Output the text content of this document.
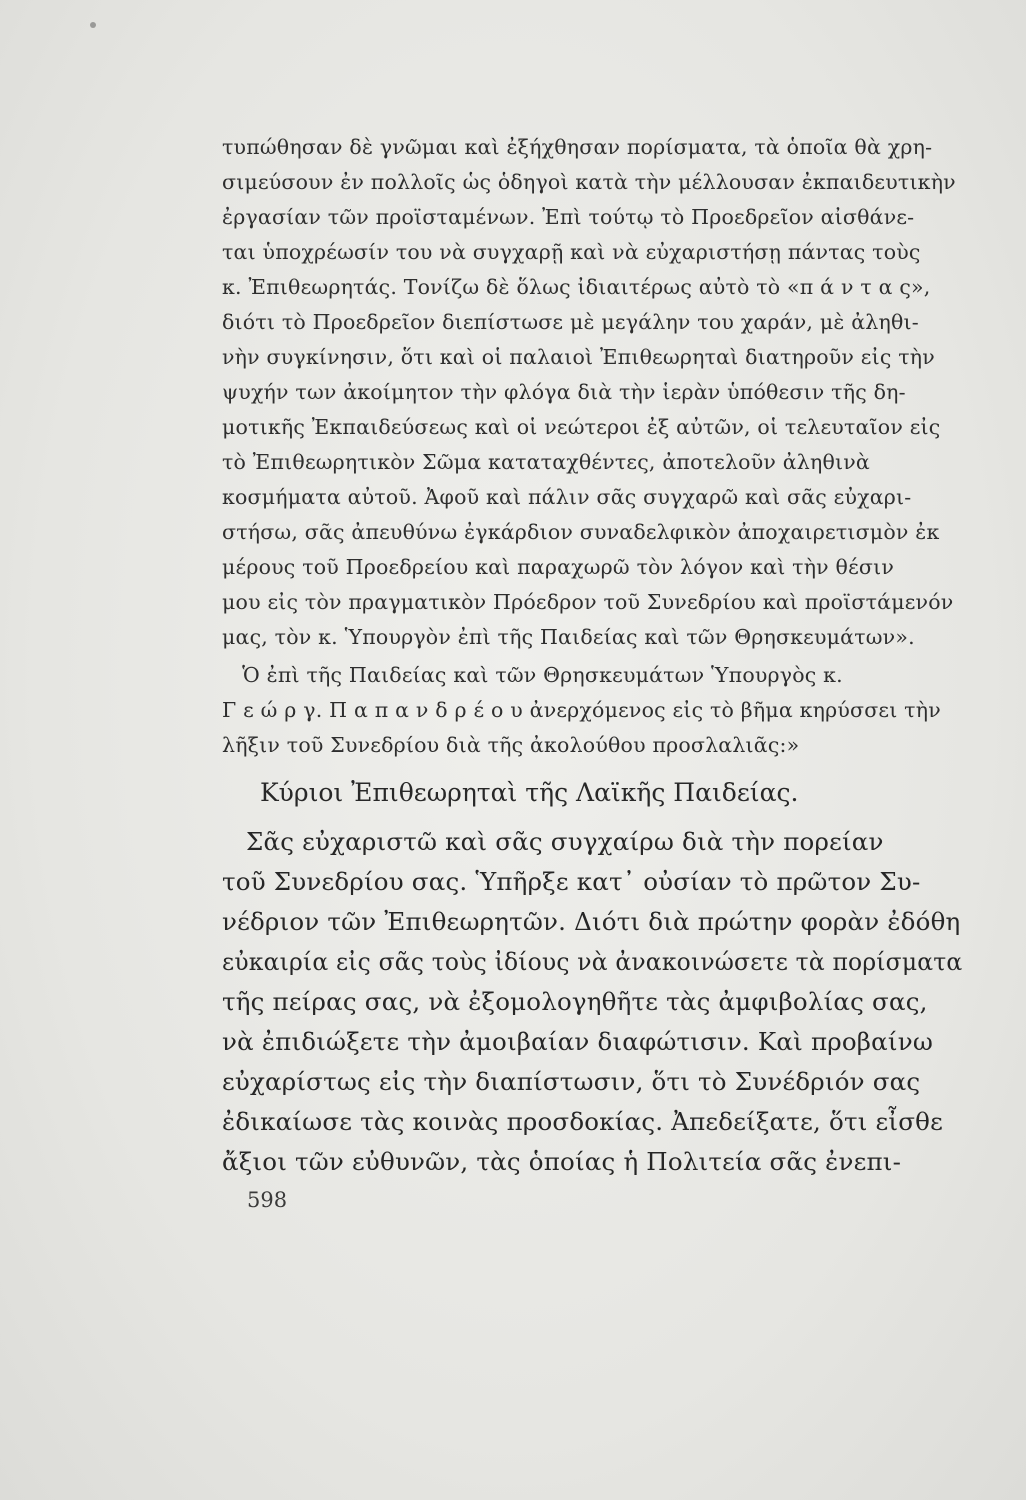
τυπώθησαν δὲ γνῶμαι καὶ ἐξήχθησαν πορίσματα, τὰ ὁποῖα θὰ χρη-
σιμεύσουν ἐν πολλοῖς ὡς ὁδηγοὶ κατὰ τὴν μέλλουσαν ἐκπαιδευτικὴν
ἐργασίαν τῶν προϊσταμένων. Ἐπὶ τούτῳ τὸ Προεδρεῖον αἰσθάνε-
ται ὑποχρέωσίν του νὰ συγχαρῇ καὶ νὰ εὐχαριστήσῃ πάντας τοὺς
κ. Ἐπιθεωρητάς. Τονίζω δὲ ὅλως ἰδιαιτέρως αὐτὸ τὸ «π ά ν τ α ς»,
διότι τὸ Προεδρεῖον διεπίστωσε μὲ μεγάλην του χαράν, μὲ ἀληθι-
νὴν συγκίνησιν, ὅτι καὶ οἱ παλαιοὶ Ἐπιθεωρηταὶ διατηροῦν εἰς τὴν
ψυχήν των ἀκοίμητον τὴν φλόγα διὰ τὴν ἱερὰν ὑπόθεσιν τῆς δη-
μοτικῆς Ἐκπαιδεύσεως καὶ οἱ νεώτεροι ἐξ αὐτῶν, οἱ τελευταῖον εἰς
τὸ Ἐπιθεωρητικὸν Σῶμα καταταχθέντες, ἀποτελοῦν ἀληθινὰ
κοσμήματα αὐτοῦ. Ἀφοῦ καὶ πάλιν σᾶς συγχαρῶ καὶ σᾶς εὐχαρι-
στήσω, σᾶς ἀπευθύνω ἐγκάρδιον συναδελφικὸν ἀποχαιρετισμὸν ἐκ
μέρους τοῦ Προεδρείου καὶ παραχωρῶ τὸν λόγον καὶ τὴν θέσιν
μου εἰς τὸν πραγματικὸν Πρόεδρον τοῦ Συνεδρίου καὶ προϊστάμενόν
μας, τὸν κ. Ὑπουργὸν ἐπὶ τῆς Παιδείας καὶ τῶν Θρησκευμάτων».
Ὁ ἐπὶ τῆς Παιδείας καὶ τῶν Θρησκευμάτων Ὑπουργὸς κ.
Γ ε ώ ρ γ. Π α π α ν δ ρ έ ο υ ἀνερχόμενος εἰς τὸ βῆμα κηρύσσει τὴν
λῆξιν τοῦ Συνεδρίου διὰ τῆς ἀκολούθου προσλαλιᾶς:»
Κύριοι Ἐπιθεωρηταὶ τῆς Λαϊκῆς Παιδείας.
Σᾶς εὐχαριστῶ καὶ σᾶς συγχαίρω διὰ τὴν πορείαν
τοῦ Συνεδρίου σας. Ὑπῆρξε κατ᾽ οὐσίαν τὸ πρῶτον Συ-
νέδριον τῶν Ἐπιθεωρητῶν. Διότι διὰ πρώτην φορὰν ἐδόθη
εὐκαιρία εἰς σᾶς τοὺς ἰδίους νὰ ἀνακοινώσετε τὰ πορίσματα
τῆς πείρας σας, νὰ ἐξομολογηθῆτε τὰς ἀμφιβολίας σας,
νὰ ἐπιδιώξετε τὴν ἀμοιβαίαν διαφώτισιν. Καὶ προβαίνω
εὐχαρίστως εἰς τὴν διαπίστωσιν, ὅτι τὸ Συνέδριόν σας
ἐδικαίωσε τὰς κοινὰς προσδοκίας. Ἀπεδείξατε, ὅτι εἶσθε
ἄξιοι τῶν εὐθυνῶν, τὰς ὁποίας ἡ Πολιτεία σᾶς ἐνεπι-
598
